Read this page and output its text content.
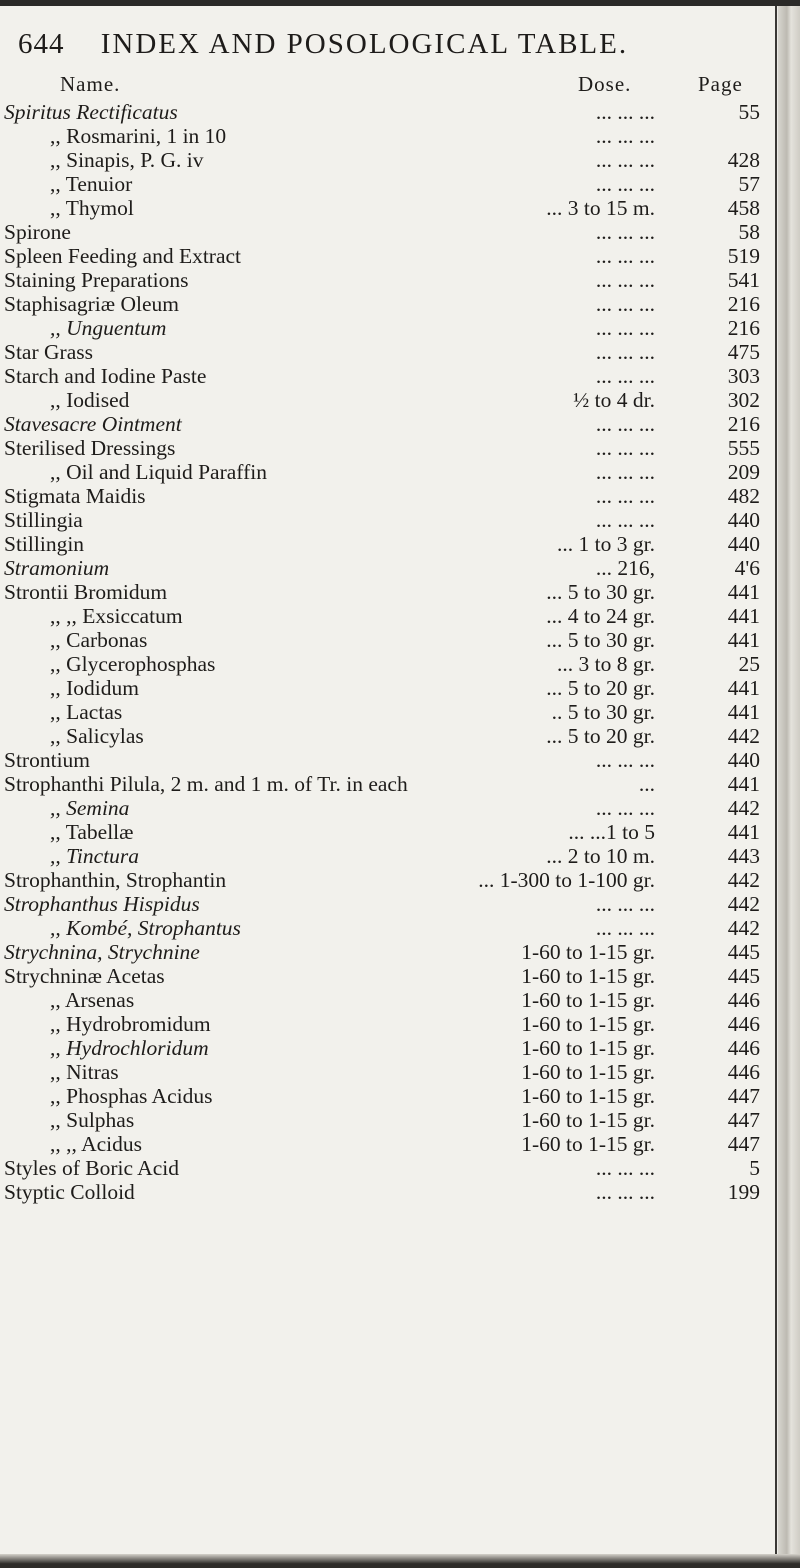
644 INDEX AND POSOLOGICAL TABLE.
Name.	Dose.	Page
Spiritus Rectificatus	... ... ...	55
,, Rosmarini, 1 in 10	... ... ...
,, Sinapis, P. G. iv	... ... ...	428
,, Tenuior	... ... ...	57
,, Thymol	... 3 to 15 m.	458
Spirone	... ... ...	58
Spleen Feeding and Extract	... ... ...	519
Staining Preparations	... ... ...	541
Staphisagriæ Oleum	... ... ...	216
,, Unguentum	... ... ...	216
Star Grass	... ... ...	475
Starch and Iodine Paste	... ... ...	303
,, Iodised	½ to 4 dr.	302
Stavesacre Ointment	... ... ...	216
Sterilised Dressings	... ... ...	555
,, Oil and Liquid Paraffin	... ... ...	209
Stigmata Maidis	... ... ...	482
Stillingia	... ... ...	440
Stillingin	... 1 to 3 gr.	440
Stramonium	... 216,	4'6
Strontii Bromidum	... 5 to 30 gr.	441
,, ,, Exsiccatum	... 4 to 24 gr.	441
,, Carbonas	... 5 to 30 gr.	441
,, Glycerophosphas	... 3 to 8 gr.	25
,, Iodidum	... 5 to 20 gr.	441
,, Lactas	.. 5 to 30 gr.	441
,, Salicylas	... 5 to 20 gr.	442
Strontium	... ... ...	440
Strophanthi Pilula, 2 m. and 1 m. of Tr. in each	...	441
,, Semina	... ... ...	442
,, Tabellæ	... ...1 to 5	441
,, Tinctura	... 2 to 10 m.	443
Strophanthin, Strophantin	... 1-300 to 1-100 gr.	442
Strophanthus Hispidus	... ... ...	442
,, Kombé, Strophantus	... ... ...	442
Strychnina, Strychnine	1-60 to 1-15 gr.	445
Strychninæ Acetas	1-60 to 1-15 gr.	445
,, Arsenas	1-60 to 1-15 gr.	446
,, Hydrobromidum	1-60 to 1-15 gr.	446
,, Hydrochloridum	1-60 to 1-15 gr.	446
,, Nitras	1-60 to 1-15 gr.	446
,, Phosphas Acidus	1-60 to 1-15 gr.	447
,, Sulphas	1-60 to 1-15 gr.	447
,, ,, Acidus	1-60 to 1-15 gr.	447
Styles of Boric Acid	... ... ...	5
Styptic Colloid	... ... ...	199
